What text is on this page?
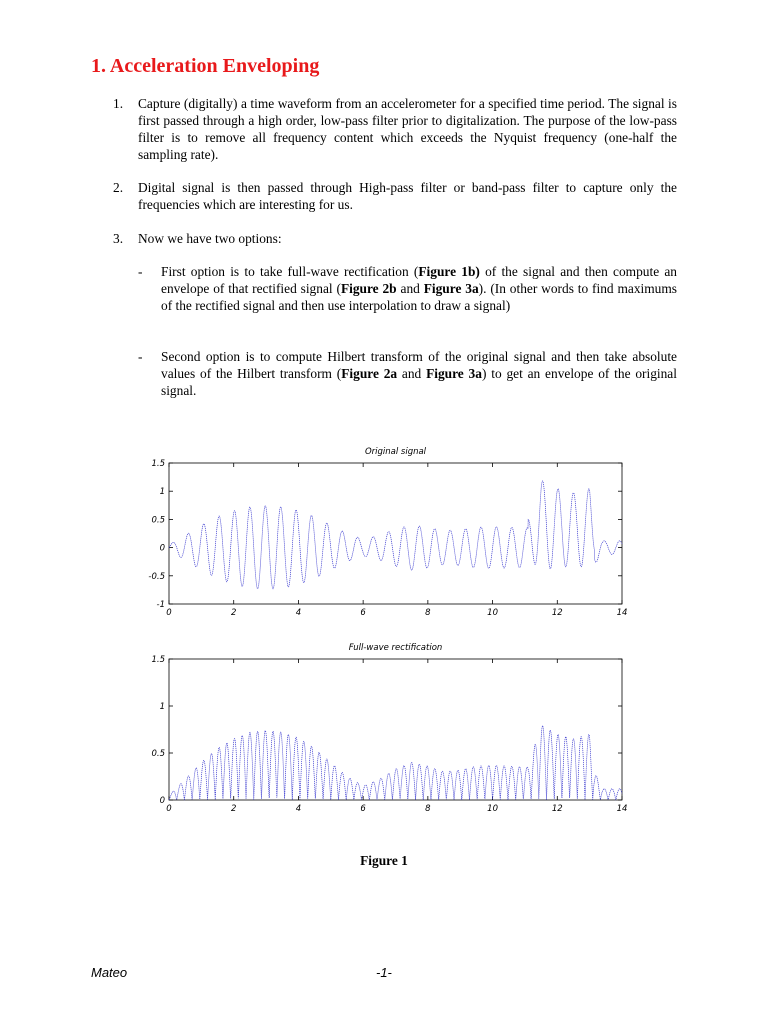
1. Acceleration Enveloping
1. Capture (digitally) a time waveform from an accelerometer for a specified time period. The signal is first passed through a high order, low-pass filter prior to digitalization. The purpose of the low-pass filter is to remove all frequency content which exceeds the Nyquist frequency (one-half the sampling rate).
2. Digital signal is then passed through High-pass filter or band-pass filter to capture only the frequencies which are interesting for us.
3. Now we have two options:
- First option is to take full-wave rectification (Figure 1b) of the signal and then compute an envelope of that rectified signal (Figure 2b and Figure 3a). (In other words to find maximums of the rectified signal and then use interpolation to draw a signal)
- Second option is to compute Hilbert transform of the original signal and then take absolute values of the Hilbert transform (Figure 2a and Figure 3a) to get an envelope of the original signal.
Original signal
0	2	4	6	8	10	12	14
-1
-0.5
0
0.5
1
1.5
Full-wave rectification
0	2	4	6	8	10	12	14
0
0.5
1
1.5
Figure 1
Mateo	-1-
